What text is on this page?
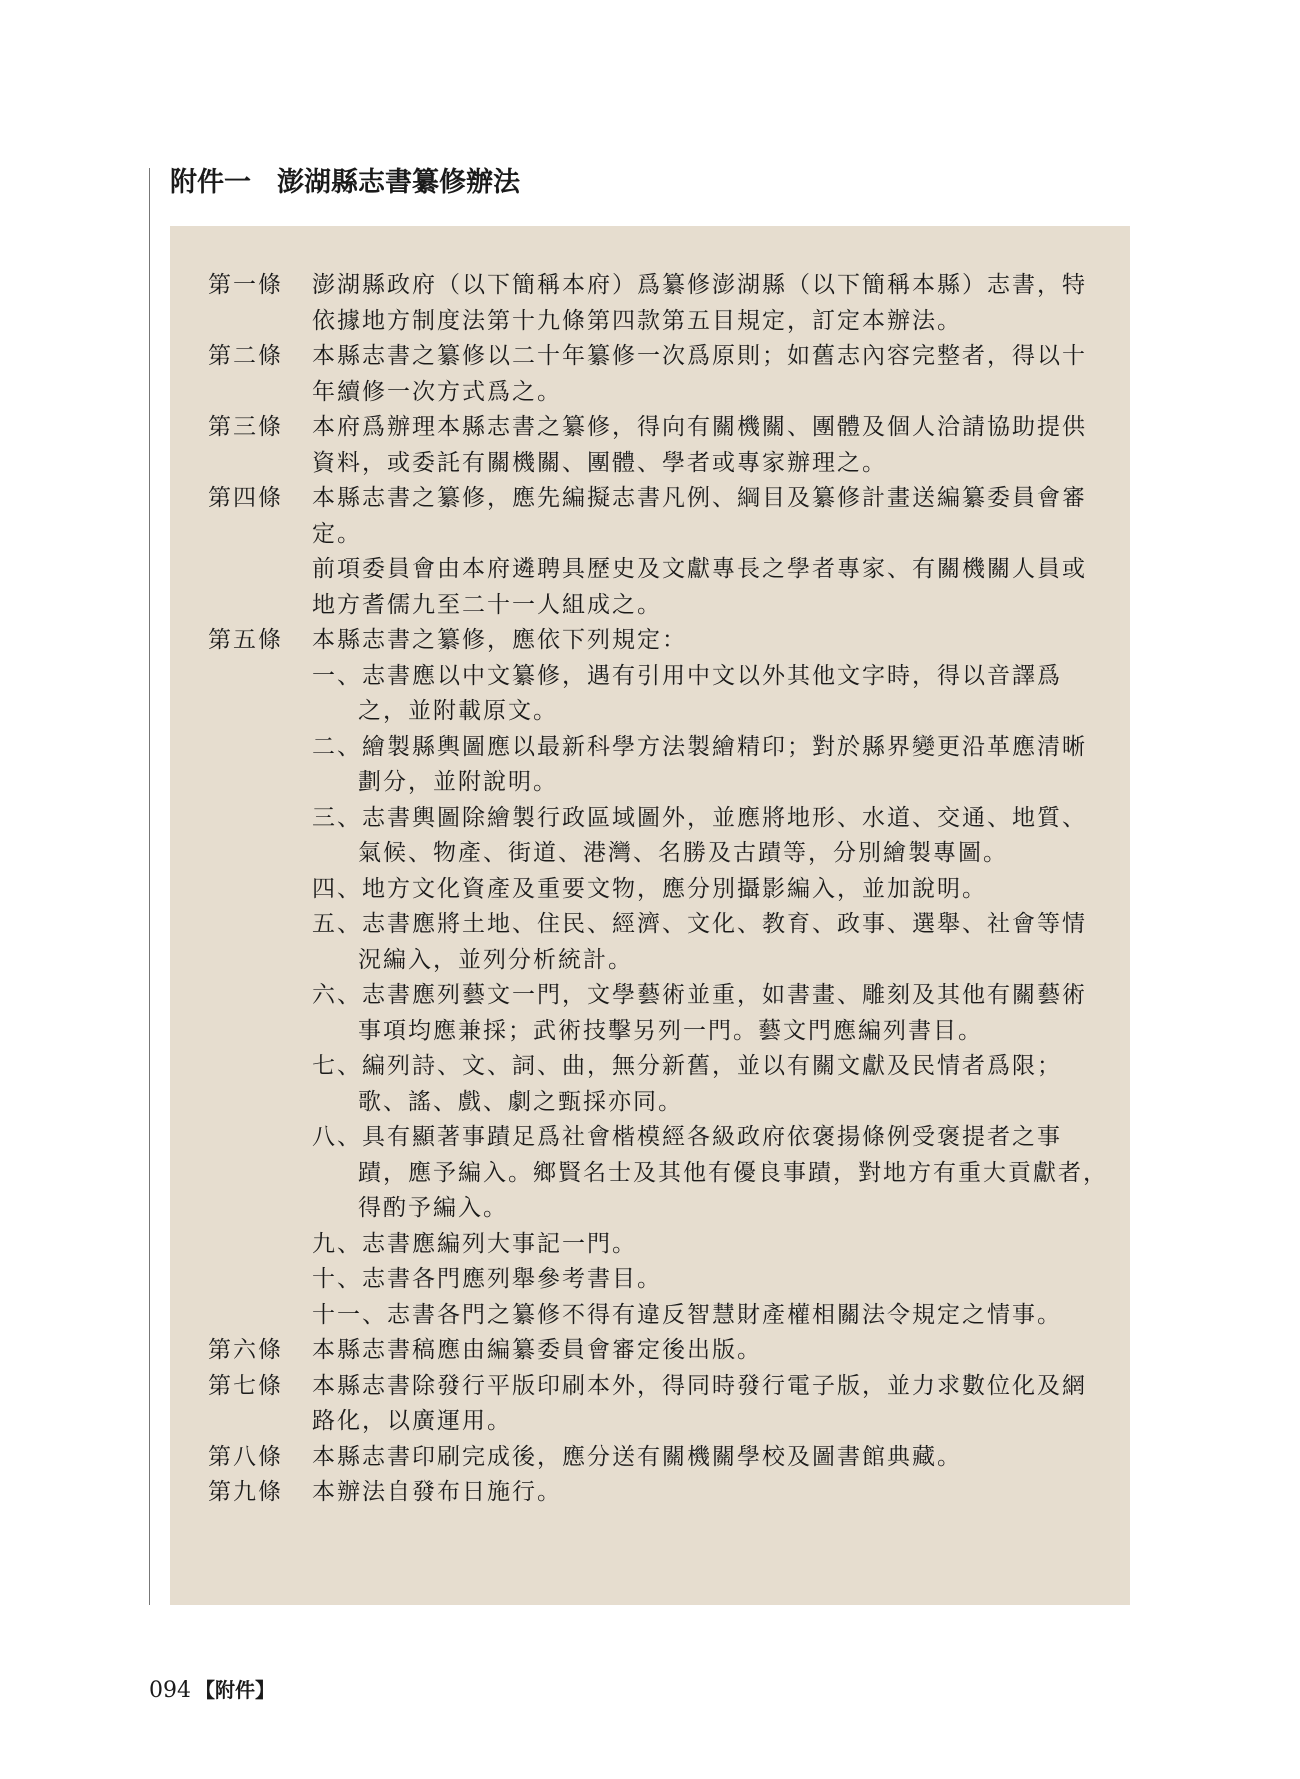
附件一 澎湖縣志書纂修辦法
第一條 澎湖縣政府（以下簡稱本府）爲纂修澎湖縣（以下簡稱本縣）志書，特依據地方制度法第十九條第四款第五目規定，訂定本辦法。
第二條 本縣志書之纂修以二十年纂修一次爲原則；如舊志內容完整者，得以十年續修一次方式爲之。
第三條 本府爲辦理本縣志書之纂修，得向有關機關、團體及個人洽請協助提供資料，或委託有關機關、團體、學者或專家辦理之。
第四條 本縣志書之纂修，應先編擬志書凡例、綱目及纂修計畫送編纂委員會審定。
前項委員會由本府遴聘具歷史及文獻專長之學者專家、有關機關人員或地方耆儒九至二十一人組成之。
第五條 本縣志書之纂修，應依下列規定：
一、志書應以中文纂修，遇有引用中文以外其他文字時，得以音譯爲之，並附載原文。
二、繪製縣輿圖應以最新科學方法製繪精印；對於縣界變更沿革應清晰劃分，並附說明。
三、志書輿圖除繪製行政區域圖外，並應將地形、水道、交通、地質、氣候、物產、街道、港灣、名勝及古蹟等，分別繪製專圖。
四、地方文化資產及重要文物，應分別攝影編入，並加說明。
五、志書應將土地、住民、經濟、文化、教育、政事、選舉、社會等情況編入，並列分析統計。
六、志書應列藝文一門，文學藝術並重，如書畫、雕刻及其他有關藝術事項均應兼採；武術技擊另列一門。藝文門應編列書目。
七、編列詩、文、詞、曲，無分新舊，並以有關文獻及民情者爲限；歌、謠、戲、劇之甄採亦同。
八、具有顯著事蹟足爲社會楷模經各級政府依褒揚條例受褒提者之事蹟，應予編入。鄉賢名士及其他有優良事蹟，對地方有重大貢獻者，得酌予編入。
九、志書應編列大事記一門。
十、志書各門應列舉參考書目。
十一、志書各門之纂修不得有違反智慧財產權相關法令規定之情事。
第六條 本縣志書稿應由編纂委員會審定後出版。
第七條 本縣志書除發行平版印刷本外，得同時發行電子版，並力求數位化及網路化，以廣運用。
第八條 本縣志書印刷完成後，應分送有關機關學校及圖書館典藏。
第九條 本辦法自發布日施行。
094 【附件】
